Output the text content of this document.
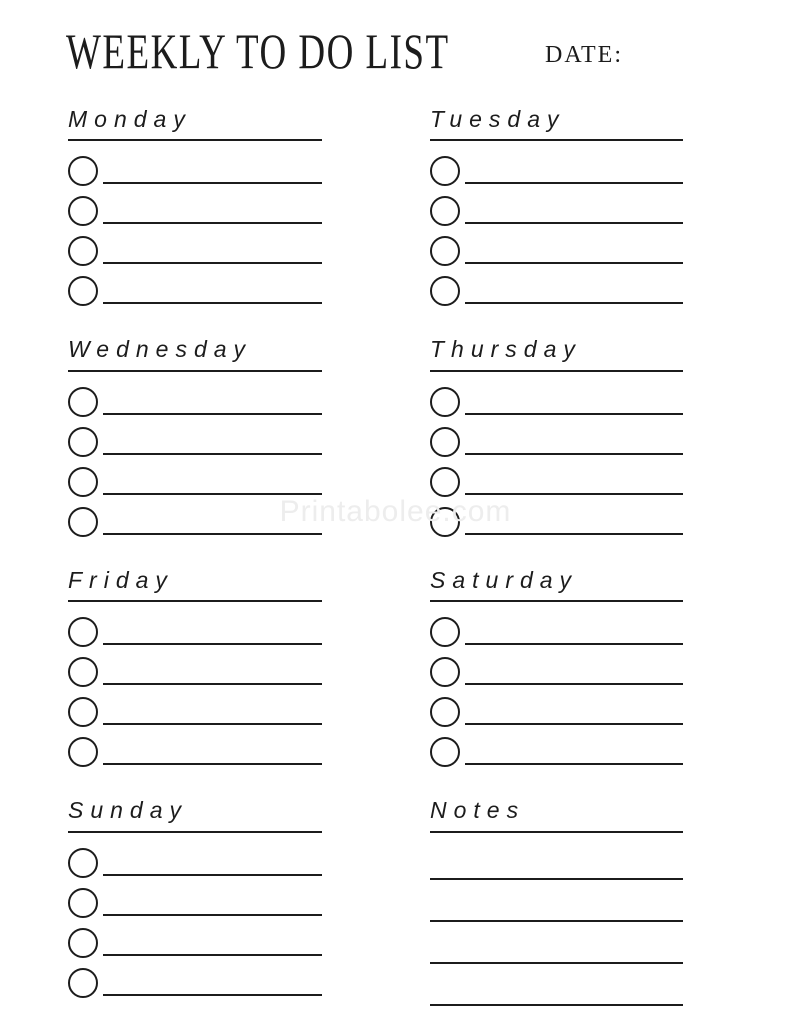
WEEKLY TO DO LIST	DATE:
Monday	Tuesday
Wednesday	Thursday
Friday	Saturday
Sunday	Notes
Printabolee.com
